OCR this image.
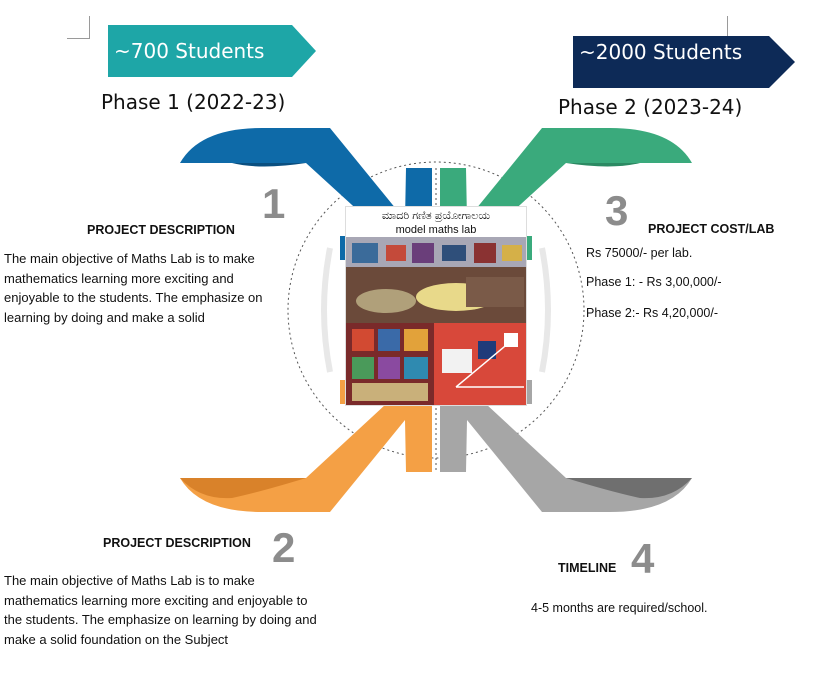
~700 Students	~2000 Students
Phase 1 (2022-23)	Phase 2 (2023-24)
1
2
3
4
PROJECT DESCRIPTION
The main objective of Maths Lab is to make
mathematics learning more exciting and
enjoyable to the students. The emphasize on
learning by doing and make a solid
PROJECT DESCRIPTION
The main objective of Maths Lab is to make
mathematics learning more exciting and enjoyable to
the students. The emphasize on learning by doing and
make a solid foundation on the Subject
PROJECT COST/LAB
Rs 75000/- per lab.
Phase 1: - Rs 3,00,000/-
Phase 2:- Rs 4,20,000/-
TIMELINE
4-5 months are required/school.
ಮಾದರಿ ಗಣಿತ ಪ್ರಯೋಗಾಲಯ
model maths lab
